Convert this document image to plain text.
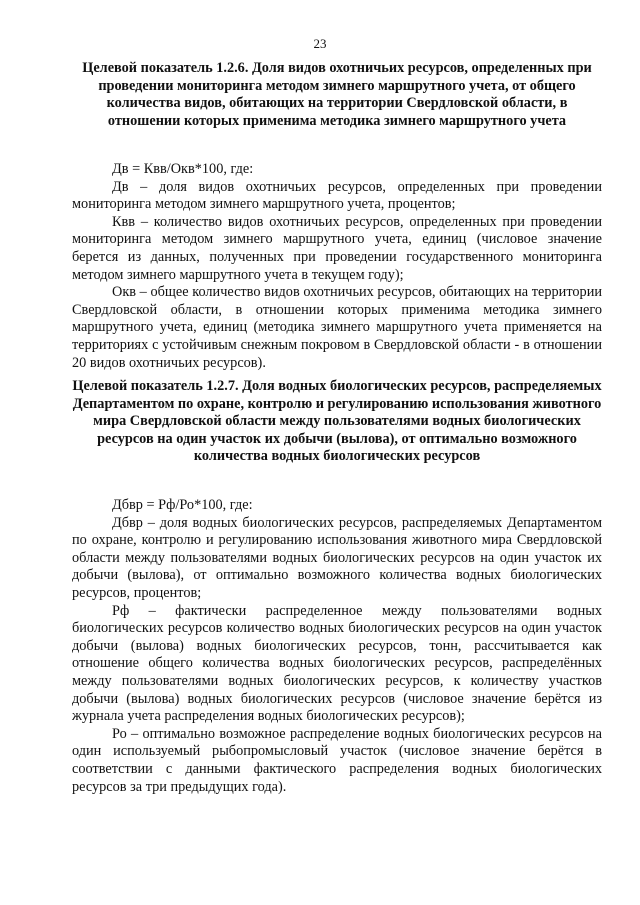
23
Целевой показатель 1.2.6. Доля видов охотничьих ресурсов, определенных при проведении мониторинга методом зимнего маршрутного учета, от общего количества видов, обитающих на территории Свердловской области, в отношении которых применима методика зимнего маршрутного учета

Дв = Квв/Окв*100, где:

Дв – доля видов охотничьих ресурсов, определенных при проведении мониторинга методом зимнего маршрутного учета, процентов;

Квв – количество видов охотничьих ресурсов, определенных при проведении мониторинга методом зимнего маршрутного учета, единиц (числовое значение берется из данных, полученных при проведении государственного мониторинга методом зимнего маршрутного учета в текущем году);

Окв – общее количество видов охотничьих ресурсов, обитающих на территории Свердловской области, в отношении которых применима методика зимнего маршрутного учета, единиц (методика зимнего маршрутного учета применяется на территориях с устойчивым снежным покровом в Свердловской области - в отношении 20 видов охотничьих ресурсов).

Целевой показатель 1.2.7. Доля водных биологических ресурсов, распределяемых Департаментом по охране, контролю и регулированию использования животного мира Свердловской области между пользователями водных биологических ресурсов на один участок их добычи (вылова), от оптимально возможного количества водных биологических ресурсов

Дбвр = Рф/Ро*100, где:

Дбвр – доля водных биологических ресурсов, распределяемых Департаментом по охране, контролю и регулированию использования животного мира Свердловской области между пользователями водных биологических ресурсов на один участок их добычи (вылова), от оптимально возможного количества водных биологических ресурсов, процентов;

Рф – фактически распределенное между пользователями водных биологических ресурсов количество водных биологических ресурсов на один участок добычи (вылова) водных биологических ресурсов, тонн, рассчитывается как отношение общего количества водных биологических ресурсов, распределённых между пользователями водных биологических ресурсов, к количеству участков добычи (вылова) водных биологических ресурсов (числовое значение берётся из журнала учета распределения водных биологических ресурсов);

Ро – оптимально возможное распределение водных биологических ресурсов на один используемый рыбопромысловый участок (числовое значение берётся в соответствии с данными фактического распределения водных биологических ресурсов за три предыдущих года).
